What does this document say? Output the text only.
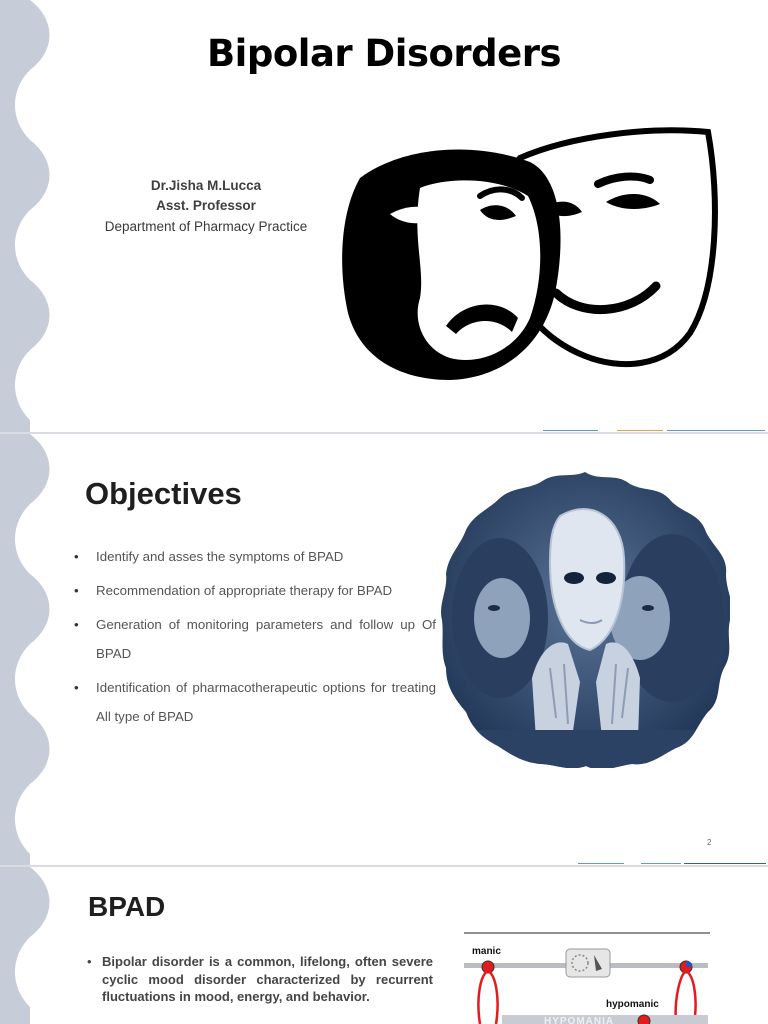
Bipolar Disorders
Dr.Jisha M.Lucca
Asst. Professor
Department of Pharmacy Practice
Objectives
• Identify and asses the symptoms of BPAD
• Recommendation of appropriate therapy for BPAD
• Generation of monitoring parameters and follow up Of BPAD
• Identification of pharmacotherapeutic options for treating All type of BPAD
2
BPAD
• Bipolar disorder is a common, lifelong, often severe cyclic mood disorder characterized by recurrent fluctuations in mood, energy, and behavior.
manic
hypomanic
HYPOMANIA
